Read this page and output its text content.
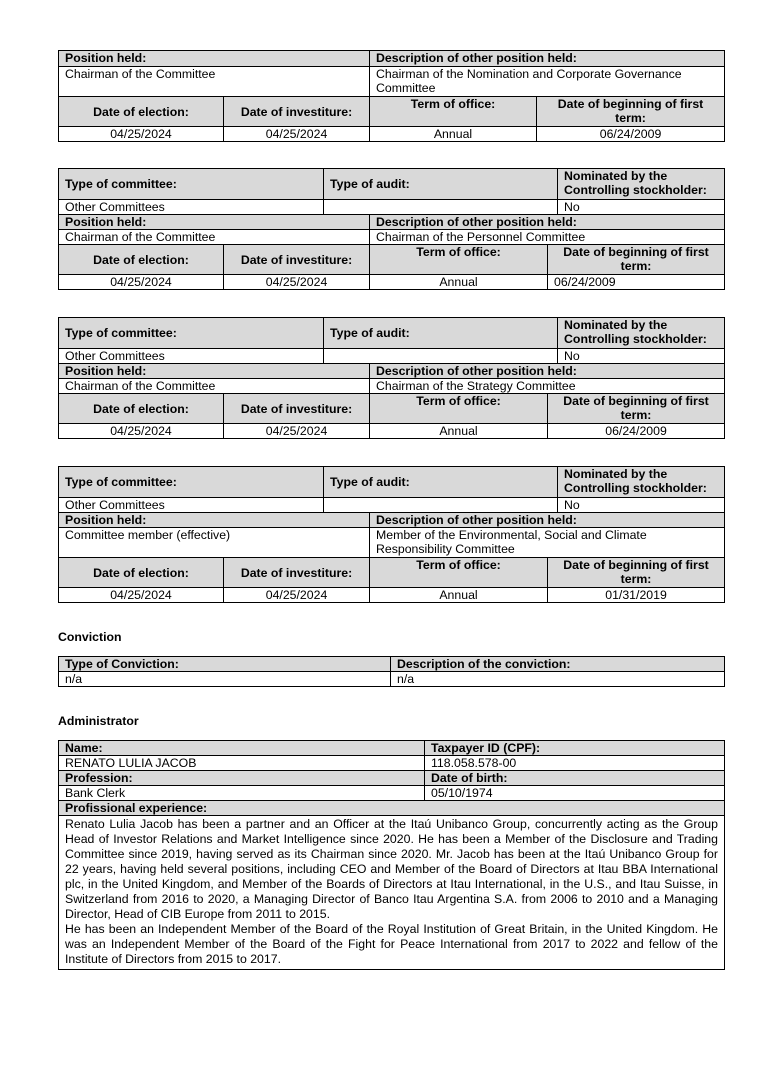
Position held:		Description of other position held:	
Chairman of the Committee		Chairman of the Nomination and Corporate Governance Committee	
Date of election:	Date of investiture:	Term of office:	Date of beginning of first term:
04/25/2024	04/25/2024	Annual	06/24/2009
Type of committee:		Type of audit:			Nominated by the Controlling stockholder:
Other Committees					No
Position held:			Description of other position held:		
Chairman of the Committee			Chairman of the Personnel Committee		
Date of election:	Date of investiture:		Term of office:	Date of beginning of first term:	
04/25/2024	04/25/2024		Annual	06/24/2009	
Type of committee:		Type of audit:			Nominated by the Controlling stockholder:
Other Committees					No
Position held:			Description of other position held:		
Chairman of the Committee			Chairman of the Strategy Committee		
Date of election:	Date of investiture:		Term of office:	Date of beginning of first term:	
04/25/2024	04/25/2024		Annual	06/24/2009	
Type of committee:		Type of audit:			Nominated by the Controlling stockholder:
Other Committees					No
Position held:			Description of other position held:		
Committee member (effective)			Member of the Environmental, Social and Climate Responsibility Committee		
Date of election:	Date of investiture:		Term of office:	Date of beginning of first term:	
04/25/2024	04/25/2024		Annual	01/31/2019	
Conviction
Type of Conviction:	Description of the conviction:
n/a	n/a
Administrator
Name:	Taxpayer ID (CPF):
RENATO LULIA JACOB	118.058.578-00
Profession:	Date of birth:
Bank Clerk	05/10/1974
Profissional experience:	

Renato Lulia Jacob has been a partner and an Officer at the Itaú Unibanco Group, concurrently acting as the Group Head of Investor Relations and Market Intelligence since 2020. He has been a Member of the Disclosure and Trading Committee since 2019, having served as its Chairman since 2020. Mr. Jacob has been at the Itaú Unibanco Group for 22 years, having held several positions, including CEO and Member of the Board of Directors at Itau BBA International plc, in the United Kingdom, and Member of the Boards of Directors at Itau International, in the U.S., and Itau Suisse, in Switzerland from 2016 to 2020, a Managing Director of Banco Itau Argentina S.A. from 2006 to 2010 and a Managing Director, Head of CIB Europe from 2011 to 2015.

He has been an Independent Member of the Board of the Royal Institution of Great Britain, in the United Kingdom. He was an Independent Member of the Board of the Fight for Peace International from 2017 to 2022 and fellow of the Institute of Directors from 2015 to 2017.	
